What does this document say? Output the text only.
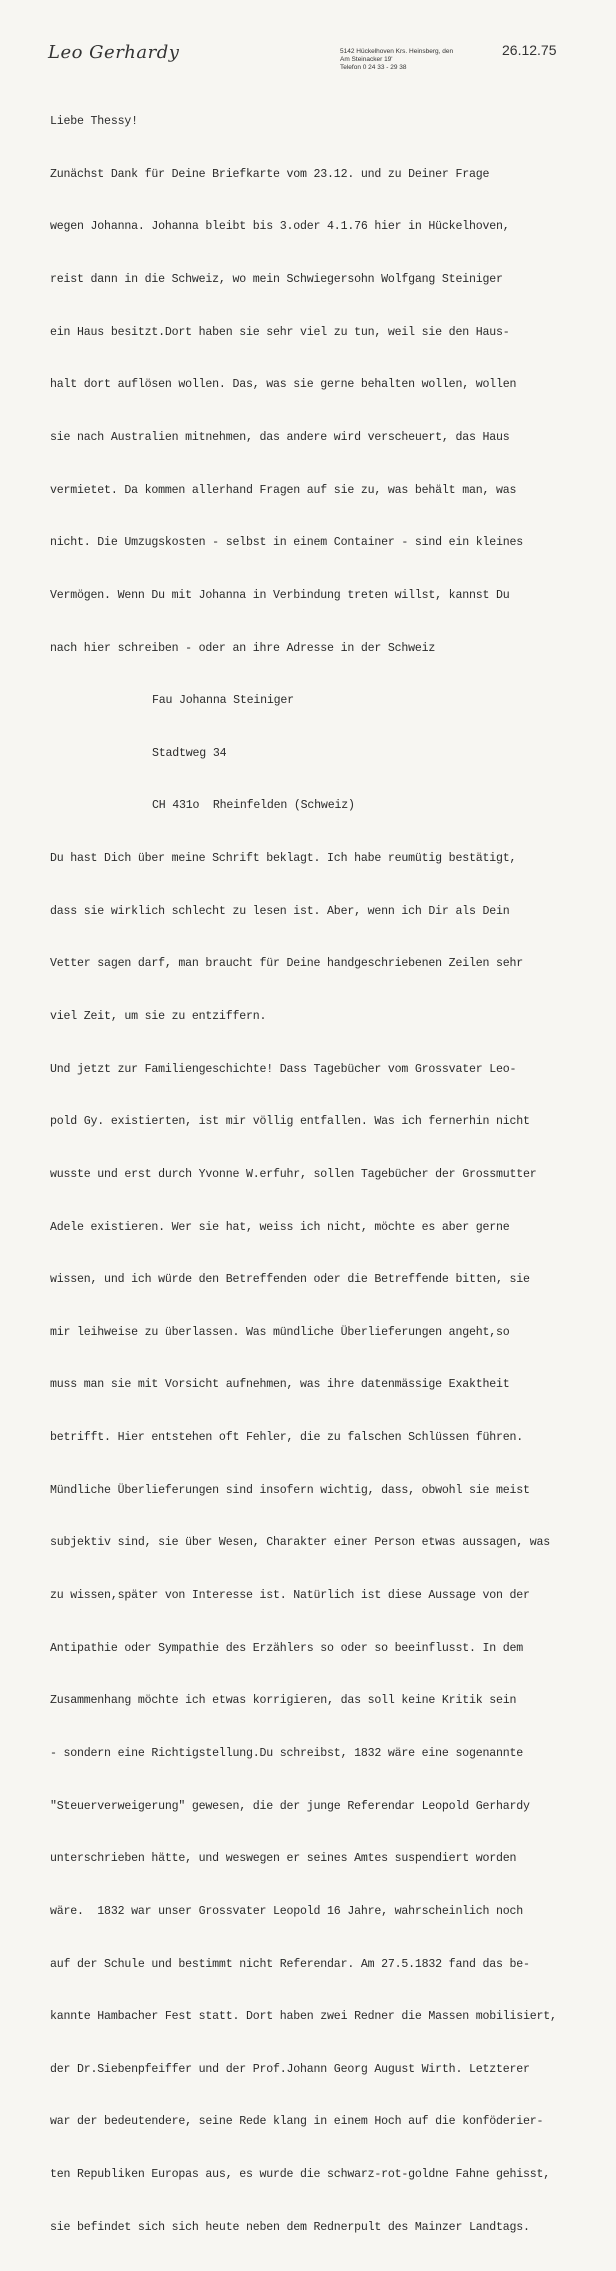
Leo Gerhardy	5142 Hückelhoven Krs. Heinsberg, den
Am Steinacker 19'
Telefon 0 24 33 - 29 38
26.12.75

Liebe Thessy!

Zunächst Dank für Deine Briefkarte vom 23.12. und zu Deiner Frage

wegen Johanna. Johanna bleibt bis 3.oder 4.1.76 hier in Hückelhoven,

reist dann in die Schweiz, wo mein Schwiegersohn Wolfgang Steiniger

ein Haus besitzt.Dort haben sie sehr viel zu tun, weil sie den Haus-

halt dort auflösen wollen. Das, was sie gerne behalten wollen, wollen

sie nach Australien mitnehmen, das andere wird verscheuert, das Haus

vermietet. Da kommen allerhand Fragen auf sie zu, was behält man, was

nicht. Die Umzugskosten - selbst in einem Container - sind ein kleines

Vermögen. Wenn Du mit Johanna in Verbindung treten willst, kannst Du

nach hier schreiben - oder an ihre Adresse in der Schweiz

Fau Johanna Steiniger

Stadtweg 34

CH 431o  Rheinfelden (Schweiz)

Du hast Dich über meine Schrift beklagt. Ich habe reumütig bestätigt,

dass sie wirklich schlecht zu lesen ist. Aber, wenn ich Dir als Dein

Vetter sagen darf, man braucht für Deine handgeschriebenen Zeilen sehr

viel Zeit, um sie zu entziffern.

Und jetzt zur Familiengeschichte! Dass Tagebücher vom Grossvater Leo-

pold Gy. existierten, ist mir völlig entfallen. Was ich fernerhin nicht

wusste und erst durch Yvonne W.erfuhr, sollen Tagebücher der Grossmutter

Adele existieren. Wer sie hat, weiss ich nicht, möchte es aber gerne

wissen, und ich würde den Betreffenden oder die Betreffende bitten, sie

mir leihweise zu überlassen. Was mündliche Überlieferungen angeht,so

muss man sie mit Vorsicht aufnehmen, was ihre datenmässige Exaktheit

betrifft. Hier entstehen oft Fehler, die zu falschen Schlüssen führen.

Mündliche Überlieferungen sind insofern wichtig, dass, obwohl sie meist

subjektiv sind, sie über Wesen, Charakter einer Person etwas aussagen, was

zu wissen,später von Interesse ist. Natürlich ist diese Aussage von der

Antipathie oder Sympathie des Erzählers so oder so beeinflusst. In dem

Zusammenhang möchte ich etwas korrigieren, das soll keine Kritik sein

- sondern eine Richtigstellung.Du schreibst, 1832 wäre eine sogenannte

"Steuerverweigerung" gewesen, die der junge Referendar Leopold Gerhardy

unterschrieben hätte, und weswegen er seines Amtes suspendiert worden

wäre.  1832 war unser Grossvater Leopold 16 Jahre, wahrscheinlich noch

auf der Schule und bestimmt nicht Referendar. Am 27.5.1832 fand das be-

kannte Hambacher Fest statt. Dort haben zwei Redner die Massen mobilisiert,

der Dr.Siebenpfeiffer und der Prof.Johann Georg August Wirth. Letzterer

war der bedeutendere, seine Rede klang in einem Hoch auf die konföderier-

ten Republiken Europas aus, es wurde die schwarz-rot-goldne Fahne gehisst,

sie befindet sich sich heute neben dem Rednerpult des Mainzer Landtags.
